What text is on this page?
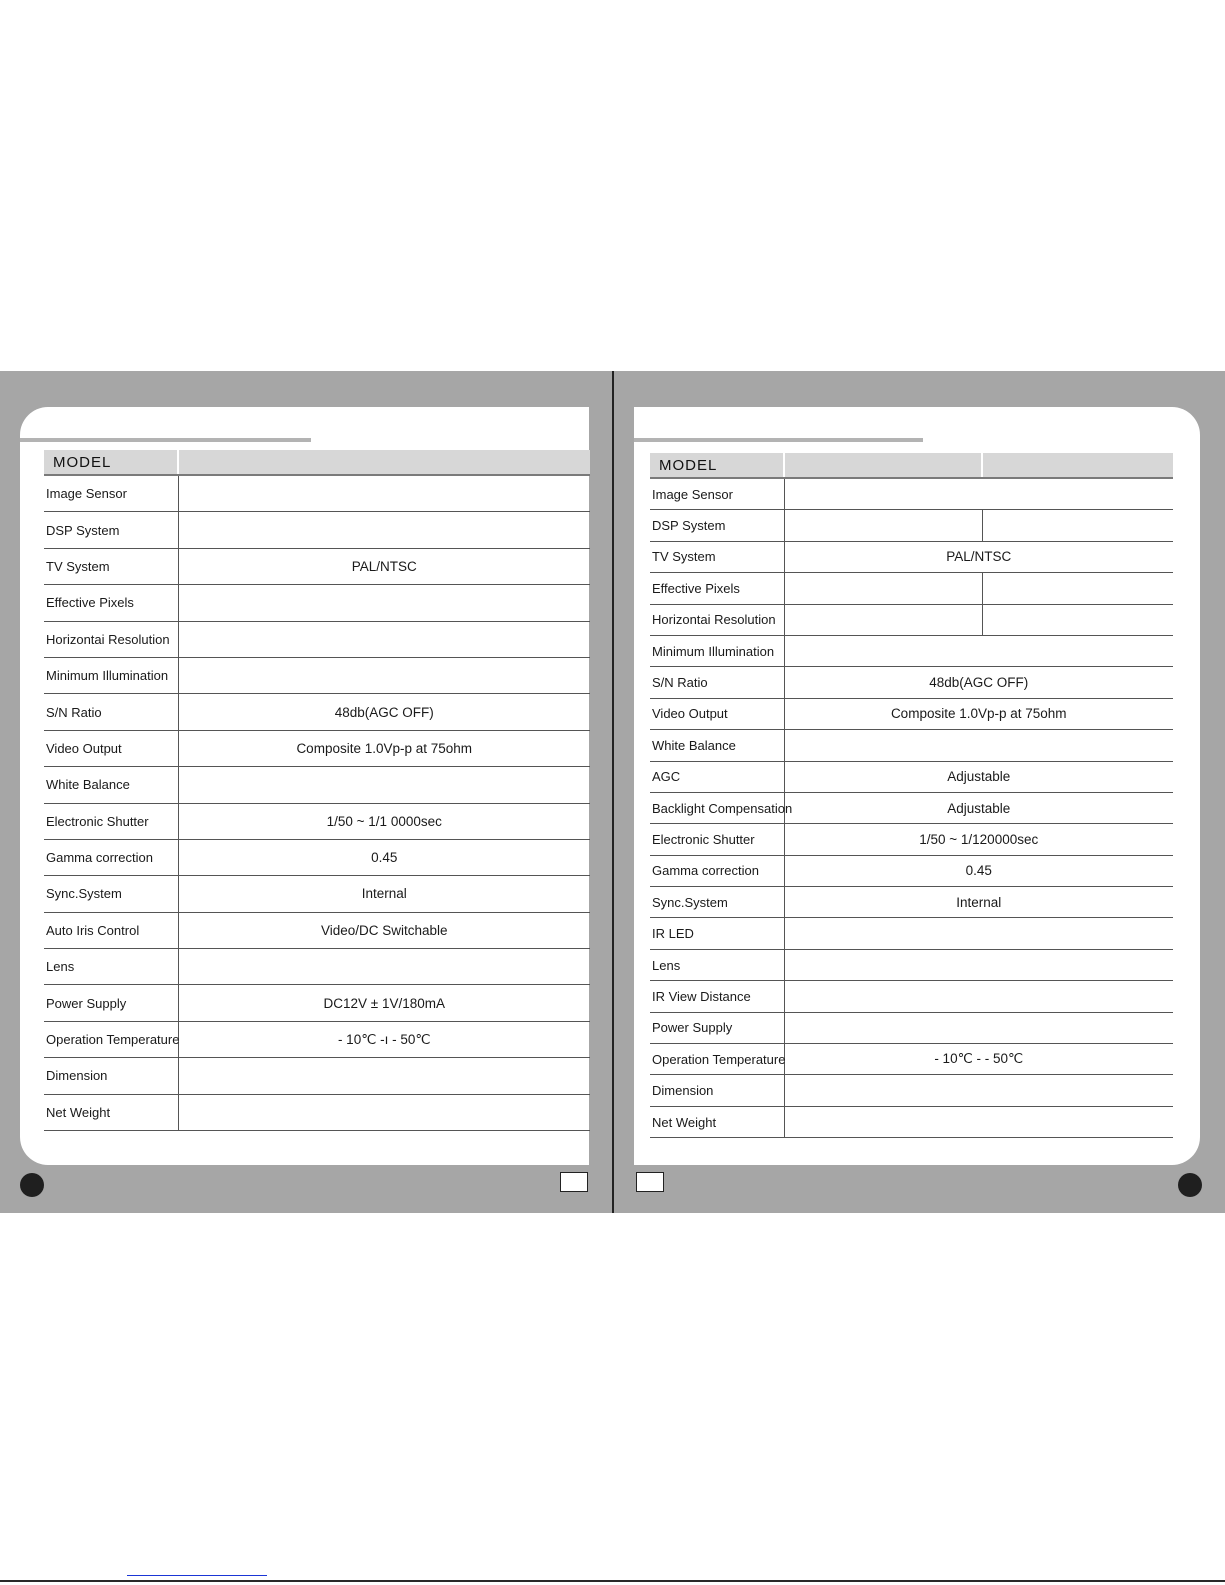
MODEL	
Image Sensor	
DSP System	
TV System	PAL/NTSC
Effective Pixels	
Horizontai Resolution	
Minimum Illumination	
S/N Ratio	48db(AGC OFF)
Video Output	Composite 1.0Vp-p at 75ohm
White Balance	
Electronic Shutter	1/50 ~ 1/1 0000sec
Gamma correction	0.45
Sync.System	Internal
Auto Iris Control	Video/DC Switchable
Lens	
Power Supply	DC12V ± 1V/180mA
Operation Temperature	- 10℃ -ı - 50℃
Dimension	
Net Weight	
MODEL		
Image Sensor		
DSP System		
TV System	PAL/NTSC	
Effective Pixels		
Horizontai Resolution		
Minimum Illumination		
S/N Ratio	48db(AGC OFF)	
Video Output	Composite 1.0Vp-p at 75ohm	
White Balance		
AGC	Adjustable	
Backlight Compensation	Adjustable	
Electronic Shutter	1/50 ~ 1/120000sec	
Gamma correction	0.45	
Sync.System	Internal	
IR LED		
Lens		
IR View Distance		
Power Supply		
Operation Temperature	- 10℃ - - 50℃	
Dimension		
Net Weight		
